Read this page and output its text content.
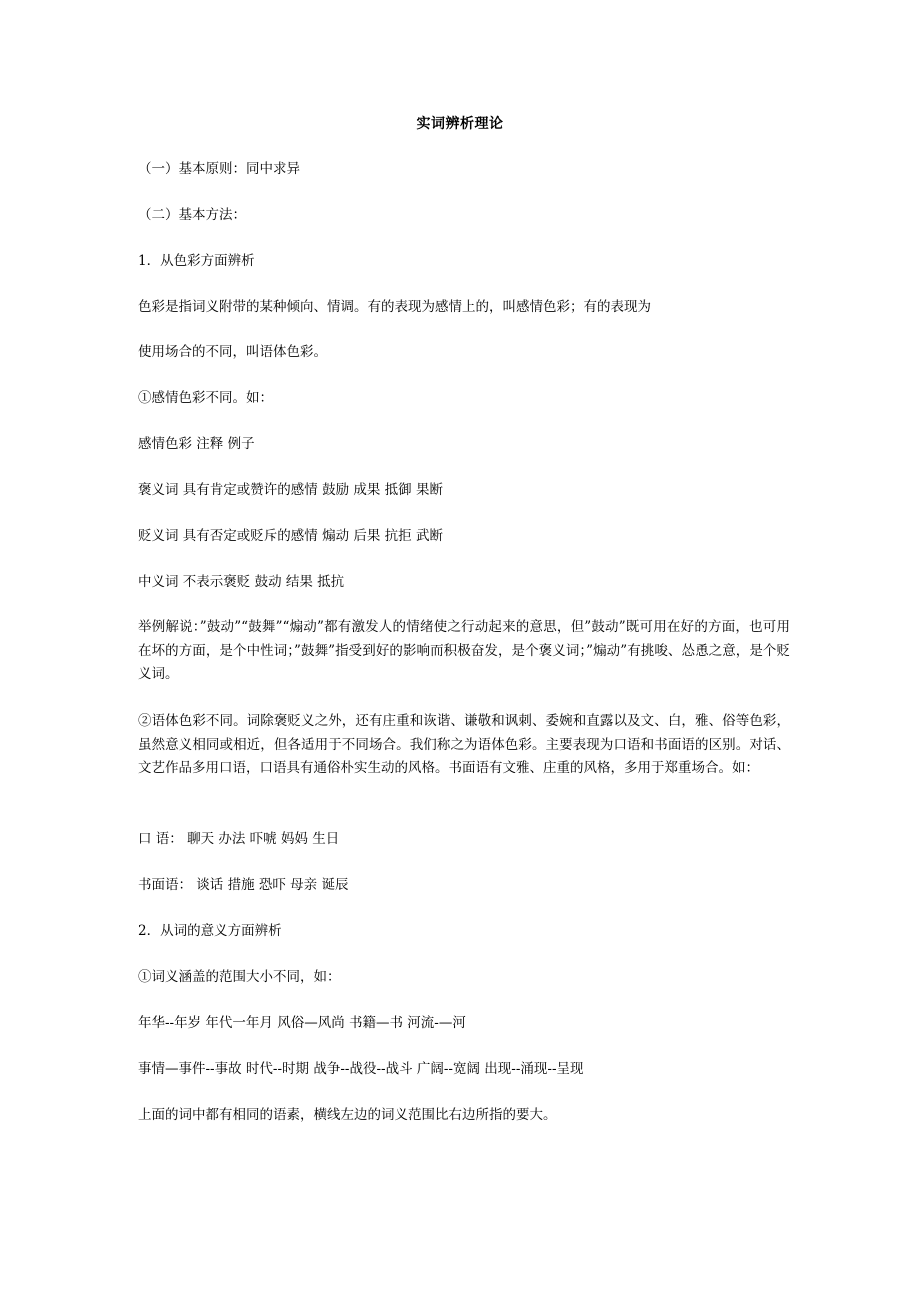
实词辨析理论
（一）基本原则：同中求异
（二）基本方法：
1．从色彩方面辨析
色彩是指词义附带的某种倾向、情调。有的表现为感情上的，叫感情色彩；有的表现为
使用场合的不同，叫语体色彩。
①感情色彩不同。如：
感情色彩 注释 例子
褒义词 具有肯定或赞许的感情 鼓励 成果 抵御 果断
贬义词 具有否定或贬斥的感情 煽动 后果 抗拒 武断
中义词 不表示褒贬 鼓动 结果 抵抗
举例解说：”鼓动”“鼓舞”“煽动”都有激发人的情绪使之行动起来的意思，但”鼓动”既可用在好的方面，也可用在坏的方面，是个中性词；”鼓舞”指受到好的影响而积极奋发，是个褒义词；”煽动”有挑唆、怂恿之意，是个贬义词。
②语体色彩不同。词除褒贬义之外，还有庄重和诙谐、谦敬和讽刺、委婉和直露以及文、白，雅、俗等色彩，虽然意义相同或相近，但各适用于不同场合。我们称之为语体色彩。主要表现为口语和书面语的区别。对话、文艺作品多用口语，口语具有通俗朴实生动的风格。书面语有文雅、庄重的风格，多用于郑重场合。如：
口 语： 聊天 办法 吓唬 妈妈 生日
书面语： 谈话 措施 恐吓 母亲 诞辰
2．从词的意义方面辨析
①词义涵盖的范围大小不同，如：
年华--年岁 年代一年月 风俗—风尚 书籍—书 河流-—河
事情—事件--事故 时代--时期 战争--战役--战斗 广阔--宽阔 出现--涌现--呈现
上面的词中都有相同的语素，横线左边的词义范围比右边所指的要大。
